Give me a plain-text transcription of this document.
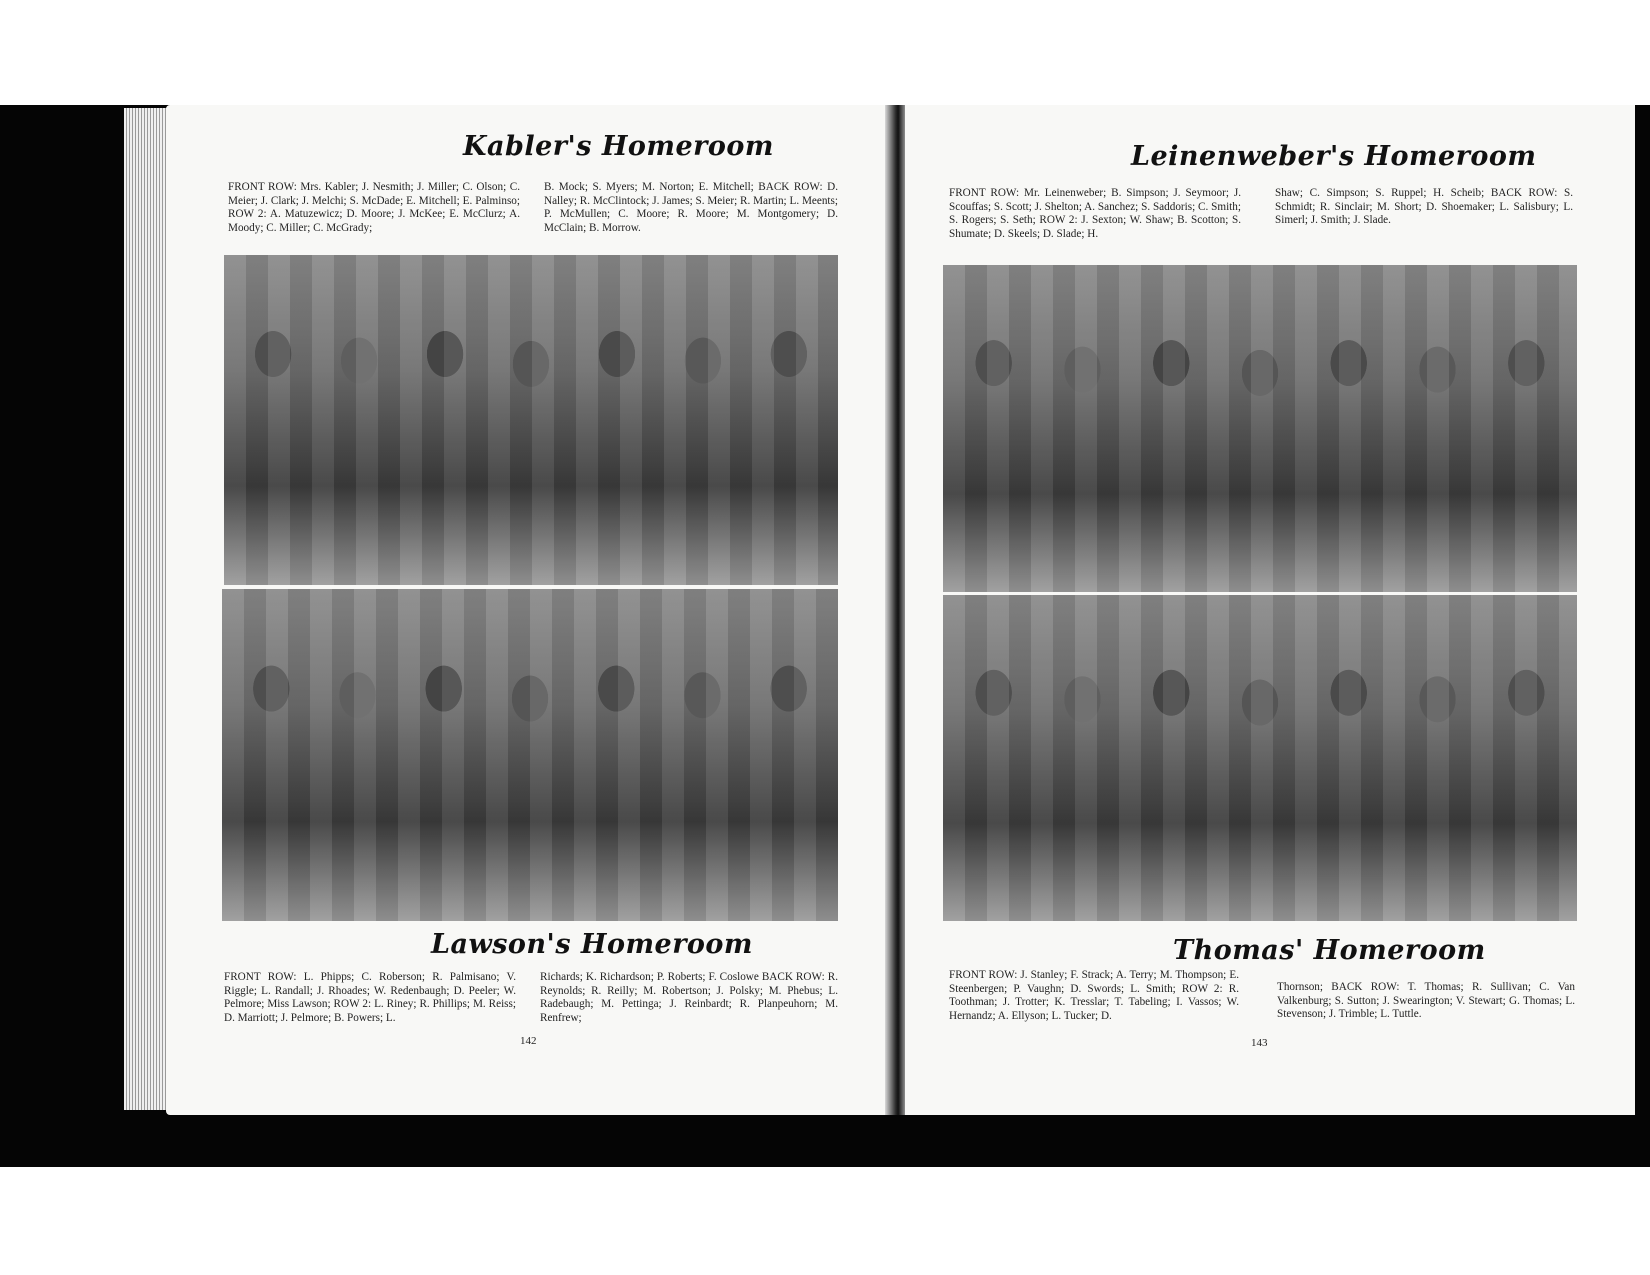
Kabler's Homeroom
FRONT ROW: Mrs. Kabler; J. Nesmith; J. Miller; C. Olson; C. Meier; J. Clark; J. Melchi; S. McDade; E. Mitchell; E. Palminso; ROW 2: A. Matuzewicz; D. Moore; J. McKee; E. McClurz; A. Moody; C. Miller; C. McGrady;
B. Mock; S. Myers; M. Norton; E. Mitchell; BACK ROW: D. Nalley; R. McClintock; J. James; S. Meier; R. Martin; L. Meents; P. McMullen; C. Moore; R. Moore; M. Montgomery; D. McClain; B. Morrow.
Lawson's Homeroom
FRONT ROW: L. Phipps; C. Roberson; R. Palmisano; V. Riggle; L. Randall; J. Rhoades; W. Redenbaugh; D. Peeler; W. Pelmore; Miss Lawson; ROW 2: L. Riney; R. Phillips; M. Reiss; D. Marriott; J. Pelmore; B. Powers; L.
Richards; K. Richardson; P. Roberts; F. Coslowe BACK ROW: R. Reynolds; R. Reilly; M. Robertson; J. Polsky; M. Phebus; L. Radebaugh; M. Pettinga; J. Reinbardt; R. Planpeuhorn; M. Renfrew;
142
Leinenweber's Homeroom
FRONT ROW: Mr. Leinenweber; B. Simpson; J. Seymoor; J. Scouffas; S. Scott; J. Shelton; A. Sanchez; S. Saddoris; C. Smith; S. Rogers; S. Seth; ROW 2: J. Sexton; W. Shaw; B. Scotton; S. Shumate; D. Skeels; D. Slade; H.
Shaw; C. Simpson; S. Ruppel; H. Scheib; BACK ROW: S. Schmidt; R. Sinclair; M. Short; D. Shoemaker; L. Salisbury; L. Simerl; J. Smith; J. Slade.
Thomas' Homeroom
FRONT ROW: J. Stanley; F. Strack; A. Terry; M. Thompson; E. Steenbergen; P. Vaughn; D. Swords; L. Smith; ROW 2: R. Toothman; J. Trotter; K. Tresslar; T. Tabeling; I. Vassos; W. Hernandz; A. Ellyson; L. Tucker; D.
Thornson; BACK ROW: T. Thomas; R. Sullivan; C. Van Valkenburg; S. Sutton; J. Swearington; V. Stewart; G. Thomas; L. Stevenson; J. Trimble; L. Tuttle.
143
